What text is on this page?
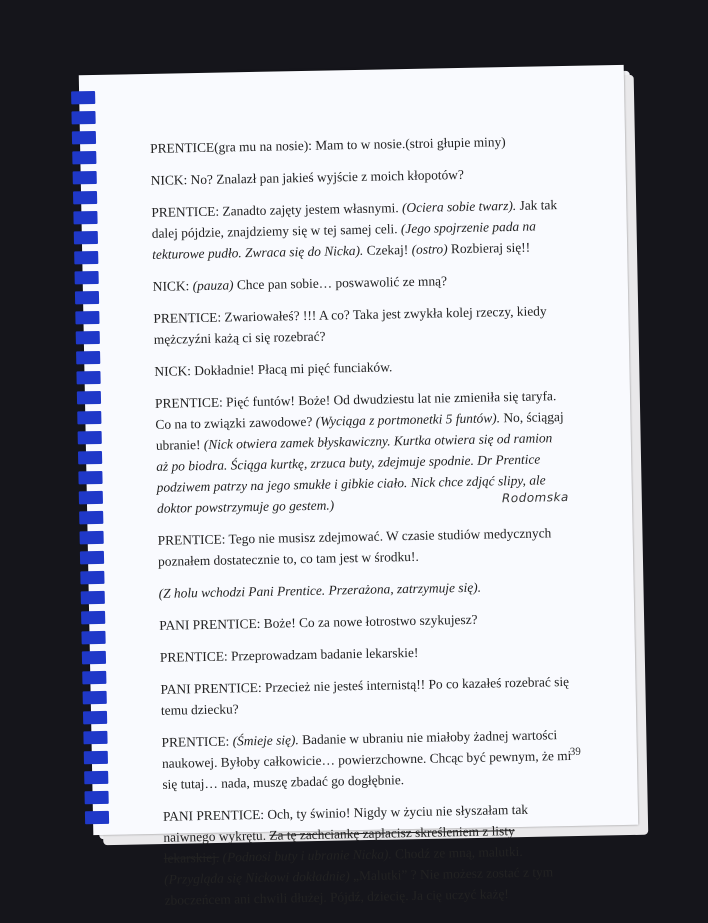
PRENTICE(gra mu na nosie): Mam to w nosie.(stroi głupie miny)

NICK: No? Znalazł pan jakieś wyjście z moich kłopotów?

PRENTICE: Zanadto zajęty jestem własnymi. (Ociera sobie twarz). Jak tak dalej pójdzie, znajdziemy się w tej samej celi. (Jego spojrzenie pada na tekturowe pudło. Zwraca się do Nicka). Czekaj! (ostro) Rozbieraj się!!

NICK: (pauza) Chce pan sobie… poswawolić ze mną?

PRENTICE: Zwariowałeś? !!! A co? Taka jest zwykła kolej rzeczy, kiedy mężczyźni każą ci się rozebrać?

NICK: Dokładnie! Płacą mi pięć funciaków.

PRENTICE: Pięć funtów! Boże! Od dwudziestu lat nie zmieniła się taryfa. Co na to związki zawodowe? (Wyciąga z portmonetki 5 funtów). No, ściągaj ubranie! (Nick otwiera zamek błyskawiczny. Kurtka otwiera się od ramion aż po biodra. Ściąga kurtkę, zrzuca buty, zdejmuje spodnie. Dr Prentice podziwem patrzy na jego smukłe i gibkie ciało. Nick chce zdjąć slipy, ale doktor powstrzymuje go gestem.)

PRENTICE: Tego nie musisz zdejmować. W czasie studiów medycznych poznałem dostatecznie to, co tam jest w środku!.

(Z holu wchodzi Pani Prentice. Przerażona, zatrzymuje się).

PANI PRENTICE: Boże! Co za nowe łotrostwo szykujesz?

PRENTICE: Przeprowadzam badanie lekarskie!

PANI PRENTICE: Przecież nie jesteś internistą!! Po co kazałeś rozebrać się temu dziecku?

PRENTICE: (Śmieje się). Badanie w ubraniu nie miałoby żadnej wartości naukowej. Byłoby całkowicie… powierzchowne. Chcąc być pewnym, że mi się tutaj… nada, muszę zbadać go dogłębnie.

PANI PRENTICE: Och, ty świnio! Nigdy w życiu nie słyszałam tak naiwnego wykrętu. Za tę zachciankę zapłacisz skreśleniem z listy lekarskiej. (Podnosi buty i ubranie Nicka). Chodź ze mną, malutki.(Przygląda się Nickowi dokładnie) „Malutki” ? Nie możesz zostać z tym zboczeńcem ani chwili dłużej. Pójdź, dziecię. Ja cię uczyć każę!

Rodomska
39
